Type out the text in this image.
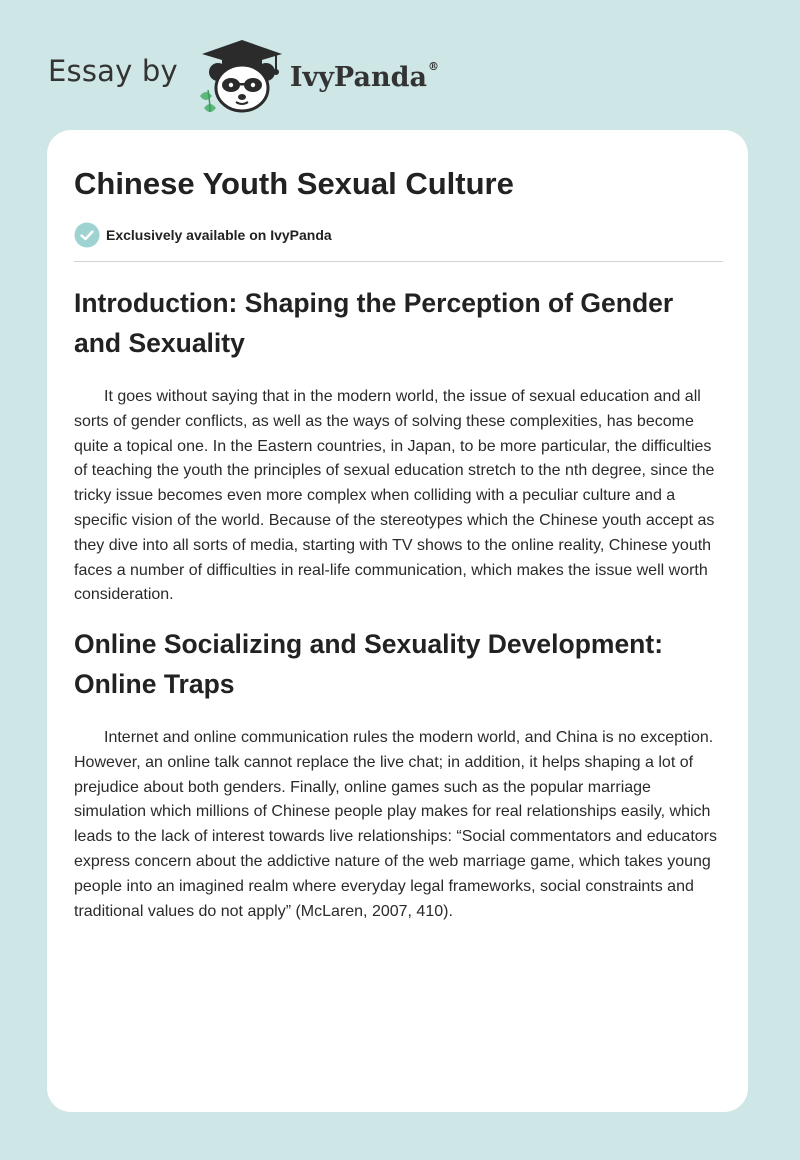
Essay by	IvyPanda®
Chinese Youth Sexual Culture
Exclusively available on IvyPanda
Introduction: Shaping the Perception of Gender and Sexuality

It goes without saying that in the modern world, the issue of sexual education and all sorts of gender conflicts, as well as the ways of solving these complexities, has become quite a topical one. In the Eastern countries, in Japan, to be more particular, the difficulties of teaching the youth the principles of sexual education stretch to the nth degree, since the tricky issue becomes even more complex when colliding with a peculiar culture and a specific vision of the world. Because of the stereotypes which the Chinese youth accept as they dive into all sorts of media, starting with TV shows to the online reality, Chinese youth faces a number of difficulties in real-life communication, which makes the issue well worth consideration.

Online Socializing and Sexuality Development: Online Traps

Internet and online communication rules the modern world, and China is no exception. However, an online talk cannot replace the live chat; in addition, it helps shaping a lot of prejudice about both genders. Finally, online games such as the popular marriage simulation which millions of Chinese people play makes for real relationships easily, which leads to the lack of interest towards live relationships: “Social commentators and educators express concern about the addictive nature of the web marriage game, which takes young people into an imagined realm where everyday legal frameworks, social constraints and traditional values do not apply” (McLaren, 2007, 410).
